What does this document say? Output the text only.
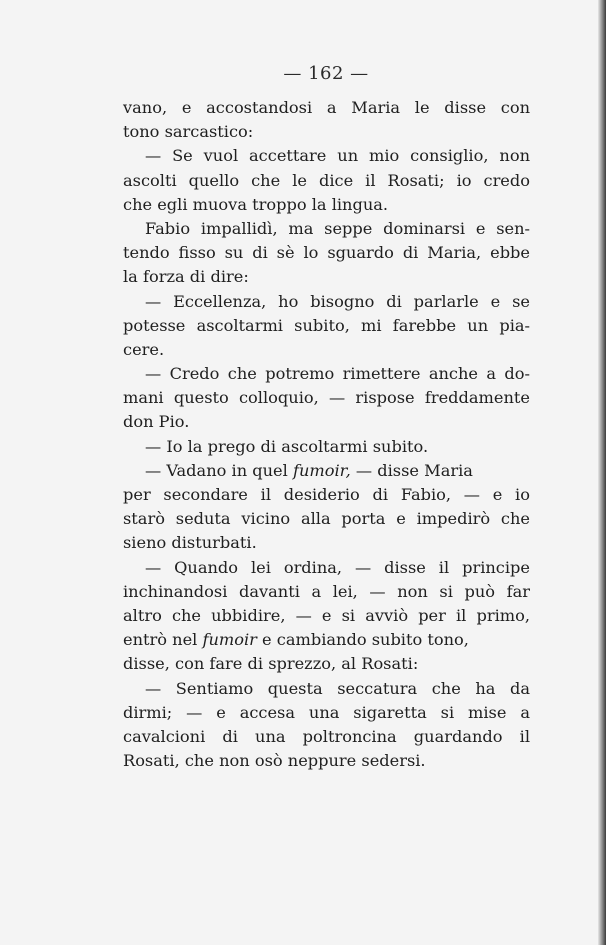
— 162 —
vano, e accostandosi a Maria le disse con
tono sarcastico:
— Se vuol accettare un mio consiglio, non
ascolti quello che le dice il Rosati; io credo
che egli muova troppo la lingua.
Fabio impallidì, ma seppe dominarsi e sen-
tendo fisso su di sè lo sguardo di Maria, ebbe
la forza di dire:
— Eccellenza, ho bisogno di parlarle e se
potesse ascoltarmi subito, mi farebbe un pia-
cere.
— Credo che potremo rimettere anche a do-
mani questo colloquio, — rispose freddamente
don Pio.
— Io la prego di ascoltarmi subito.
— Vadano in quel fumoir, — disse Maria
per secondare il desiderio di Fabio, — e io
starò seduta vicino alla porta e impedirò che
sieno disturbati.
— Quando lei ordina, — disse il principe
inchinandosi davanti a lei, — non si può far
altro che ubbidire, — e si avviò per il primo,
entrò nel fumoir e cambiando subito tono,
disse, con fare di sprezzo, al Rosati:
— Sentiamo questa seccatura che ha da
dirmi; — e accesa una sigaretta si mise a
cavalcioni di una poltroncina guardando il
Rosati, che non osò neppure sedersi.
